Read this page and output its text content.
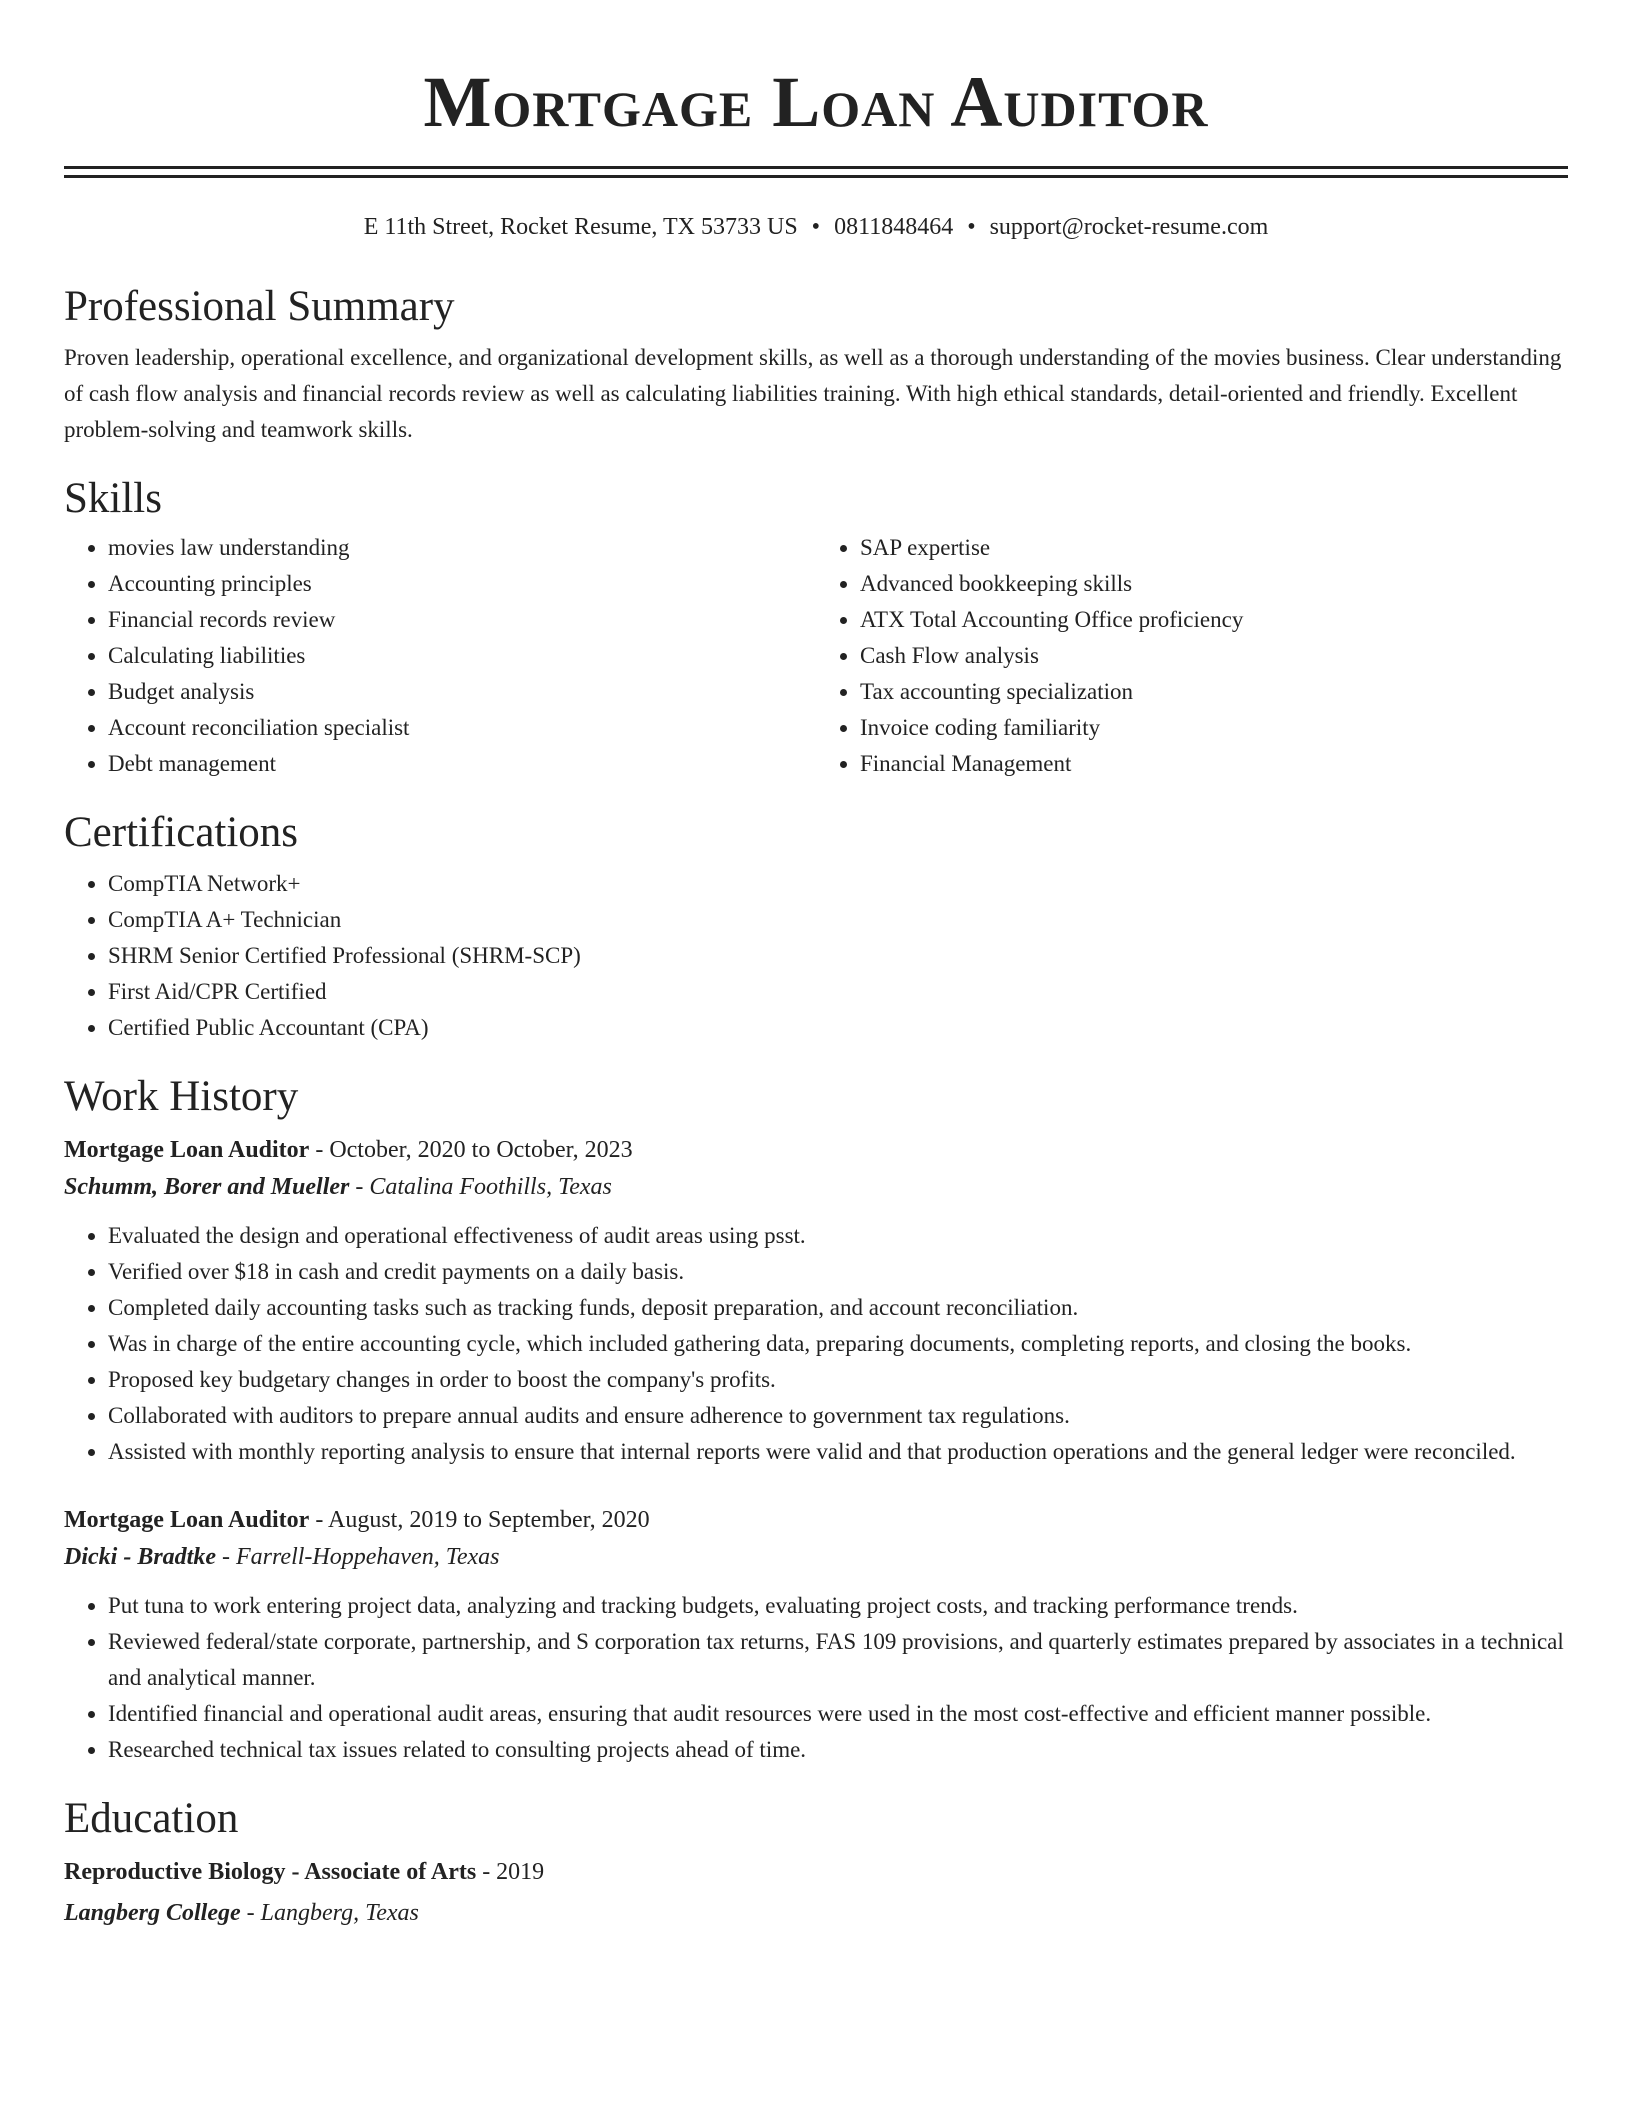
Mortgage Loan Auditor
E 11th Street, Rocket Resume, TX 53733 US • 0811848464 • support@rocket-resume.com
Professional Summary

Proven leadership, operational excellence, and organizational development skills, as well as a thorough understanding of the movies business. Clear understanding of cash flow analysis and financial records review as well as calculating liabilities training. With high ethical standards, detail-oriented and friendly. Excellent problem-solving and teamwork skills.

Skills
• movies law understanding
• Accounting principles
• Financial records review
• Calculating liabilities
• Budget analysis
• Account reconciliation specialist
• Debt management
• SAP expertise
• Advanced bookkeeping skills
• ATX Total Accounting Office proficiency
• Cash Flow analysis
• Tax accounting specialization
• Invoice coding familiarity
• Financial Management
Certifications
• CompTIA Network+
• CompTIA A+ Technician
• SHRM Senior Certified Professional (SHRM-SCP)
• First Aid/CPR Certified
• Certified Public Accountant (CPA)
Work History

Mortgage Loan Auditor - October, 2020 to October, 2023

Schumm, Borer and Mueller - Catalina Foothills, Texas

• Evaluated the design and operational effectiveness of audit areas using psst.
• Verified over $18 in cash and credit payments on a daily basis.
• Completed daily accounting tasks such as tracking funds, deposit preparation, and account reconciliation.
• Was in charge of the entire accounting cycle, which included gathering data, preparing documents, completing reports, and closing the books.
• Proposed key budgetary changes in order to boost the company's profits.
• Collaborated with auditors to prepare annual audits and ensure adherence to government tax regulations.
• Assisted with monthly reporting analysis to ensure that internal reports were valid and that production operations and the general ledger were reconciled.

Mortgage Loan Auditor - August, 2019 to September, 2020

Dicki - Bradtke - Farrell-Hoppehaven, Texas

• Put tuna to work entering project data, analyzing and tracking budgets, evaluating project costs, and tracking performance trends.
• Reviewed federal/state corporate, partnership, and S corporation tax returns, FAS 109 provisions, and quarterly estimates prepared by associates in a technical and analytical manner.
• Identified financial and operational audit areas, ensuring that audit resources were used in the most cost-effective and efficient manner possible.
• Researched technical tax issues related to consulting projects ahead of time.
Education

Reproductive Biology - Associate of Arts - 2019

Langberg College - Langberg, Texas
